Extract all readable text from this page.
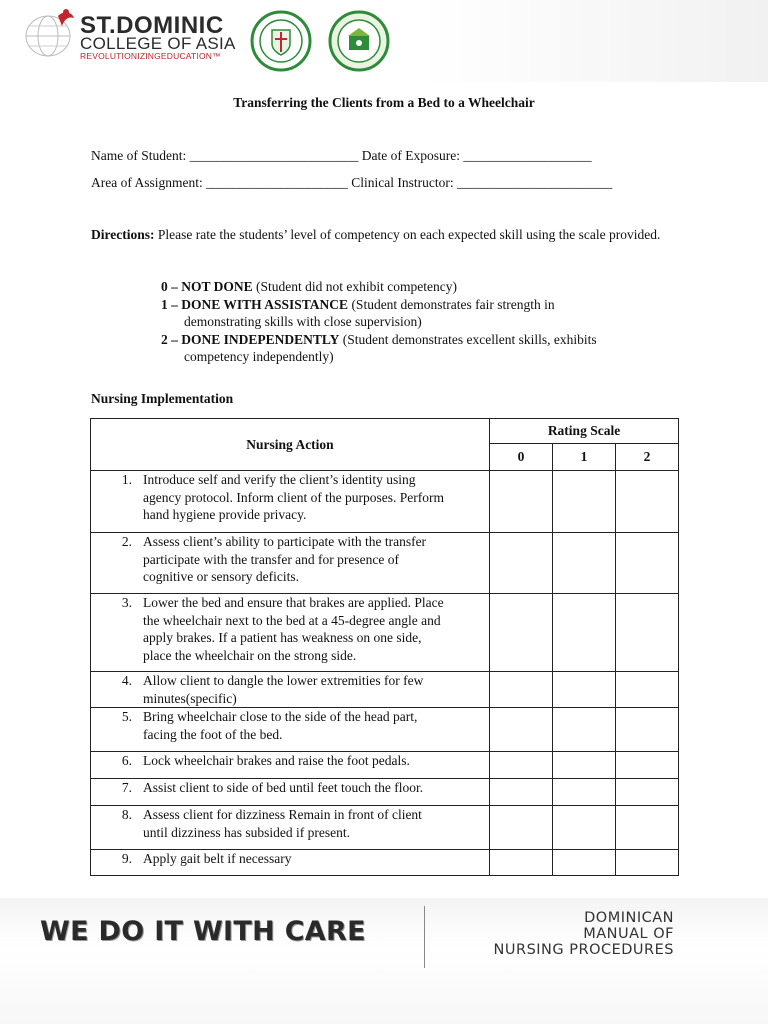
ST.DOMINIC
COLLEGE OF ASIA
REVOLUTIONIZINGEDUCATION™
Transferring the Clients from a Bed to a Wheelchair
Name of Student: _________________________ Date of Exposure: ___________________
Area of Assignment: _____________________ Clinical Instructor: _______________________
Directions: Please rate the students’ level of competency on each expected skill using the scale provided.

0 – NOT DONE (Student did not exhibit competency)

1 – DONE WITH ASSISTANCE (Student demonstrates fair strength in

demonstrating skills with close supervision)

2 – DONE INDEPENDENTLY (Student demonstrates excellent skills, exhibits

competency independently)

Nursing Implementation
Nursing Action	Rating Scale		
	0	1	2

1. Introduce self and verify the client’s identity using
agency protocol. Inform client of the purposes. Perform
hand hygiene provide privacy.			

2. Assess client’s ability to participate with the transfer
participate with the transfer and for presence of
cognitive or sensory deficits.			

3. Lower the bed and ensure that brakes are applied. Place
the wheelchair next to the bed at a 45-degree angle and
apply brakes. If a patient has weakness on one side,
place the wheelchair on the strong side.			

4. Allow client to dangle the lower extremities for few
minutes(specific)			

5. Bring wheelchair close to the side of the head part,
facing the foot of the bed.			

6. Lock wheelchair brakes and raise the foot pedals.			

7. Assist client to side of bed until feet touch the floor.			

8. Assess client for dizziness Remain in front of client
until dizziness has subsided if present.			

9. Apply gait belt if necessary			

WE DO IT WITH CARE	DOMINICAN
MANUAL OF
NURSING PROCEDURES
